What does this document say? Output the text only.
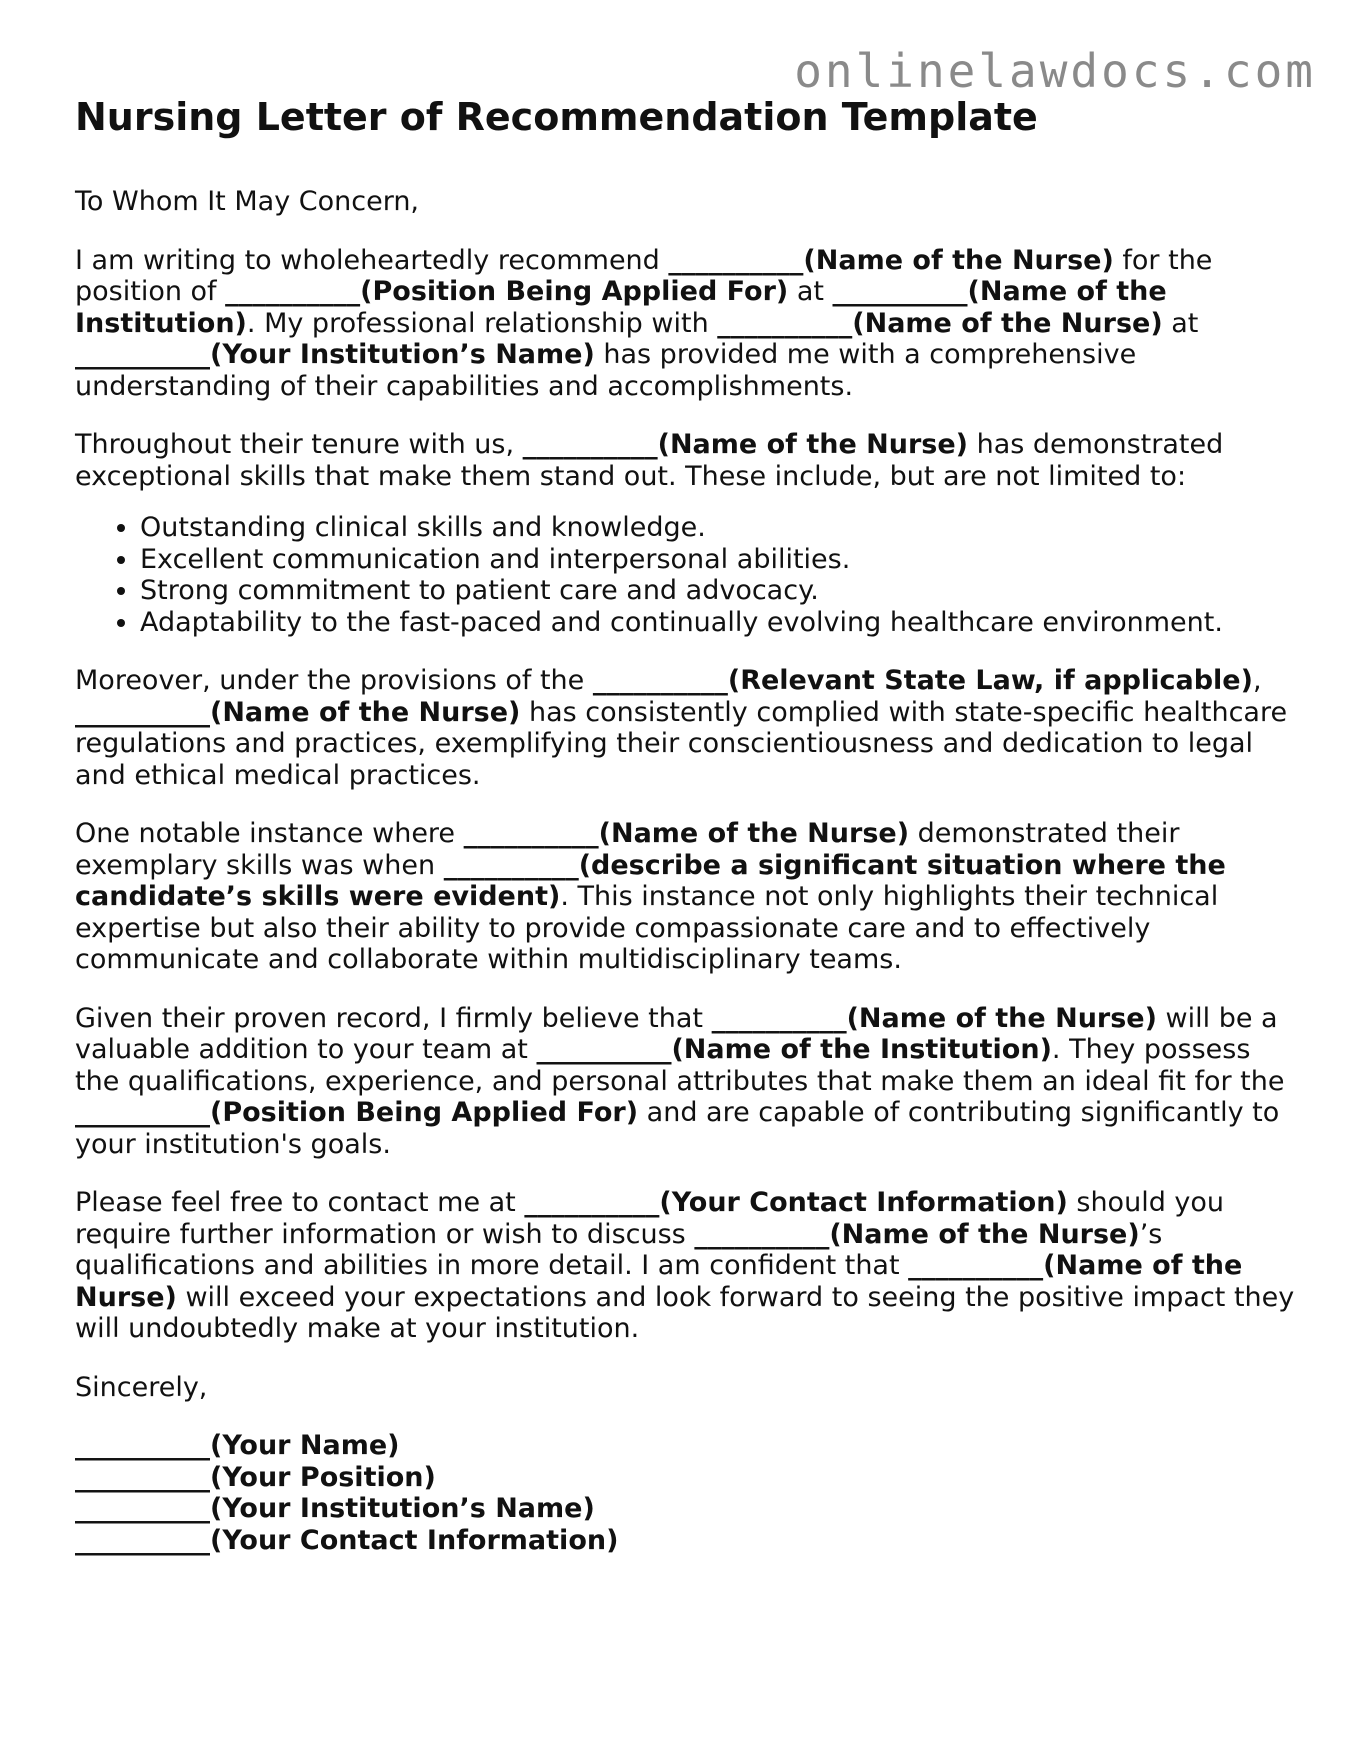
onlinelawdocs.com
Nursing Letter of Recommendation Template
To Whom It May Concern,
I am writing to wholeheartedly recommend __________(Name of the Nurse) for the position of __________(Position Being Applied For) at __________(Name of the Institution). My professional relationship with __________(Name of the Nurse) at __________(Your Institution’s Name) has provided me with a comprehensive understanding of their capabilities and accomplishments.
Throughout their tenure with us, __________(Name of the Nurse) has demonstrated exceptional skills that make them stand out. These include, but are not limited to:
• Outstanding clinical skills and knowledge.
• Excellent communication and interpersonal abilities.
• Strong commitment to patient care and advocacy.
• Adaptability to the fast-paced and continually evolving healthcare environment.
Moreover, under the provisions of the __________(Relevant State Law, if applicable), __________(Name of the Nurse) has consistently complied with state-specific healthcare regulations and practices, exemplifying their conscientiousness and dedication to legal and ethical medical practices.
One notable instance where __________(Name of the Nurse) demonstrated their exemplary skills was when __________(describe a significant situation where the candidate’s skills were evident). This instance not only highlights their technical expertise but also their ability to provide compassionate care and to effectively communicate and collaborate within multidisciplinary teams.
Given their proven record, I firmly believe that __________(Name of the Nurse) will be a valuable addition to your team at __________(Name of the Institution). They possess the qualifications, experience, and personal attributes that make them an ideal fit for the __________(Position Being Applied For) and are capable of contributing significantly to your institution's goals.
Please feel free to contact me at __________(Your Contact Information) should you require further information or wish to discuss __________(Name of the Nurse)’s qualifications and abilities in more detail. I am confident that __________(Name of the Nurse) will exceed your expectations and look forward to seeing the positive impact they will undoubtedly make at your institution.
Sincerely,
__________(Your Name)
__________(Your Position)
__________(Your Institution’s Name)
__________(Your Contact Information)
